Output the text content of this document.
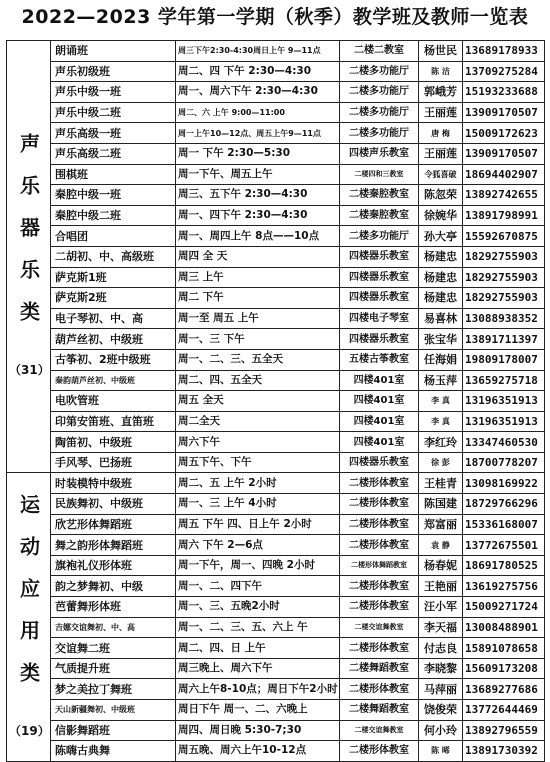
2022—2023 学年第一学期（秋季）教学班及教师一览表
声乐器乐类
（31）	朗诵班	周三下午2:30-4:30周日上午 9—11点	二楼二教室	杨世民	13689178933
	声乐初级班	周二、四 下午 2:30—4:30	二楼多功能厅	陈 洁	13709275284
	声乐中级一班	周一、周六下午 2:30—4:30	二楼多功能厅	郭峨芳	15193233688
	声乐中级二班	周二、六 上午 9:00—11:00	二楼多功能厅	王丽莲	13909170507
	声乐高级一班	周一上午10—12点、周五上午9—11点	二楼多功能厅	唐 梅	15009172623
	声乐高级二班	周一 下午 2:30—5:30	四楼声乐教室	王丽莲	13909170507
	围棋班	周一下午、周五上午	二楼四和三教室	令狐喜破	18694402907
	秦腔中级一班	周三、五下午 2:30—4:30	二楼秦腔教室	陈忽荣	13892742655
	秦腔中级二班	周一、四下午 2:30—4:30	二楼秦腔教室	徐婉华	13891798991
	合唱团	周一、周四上午 8点——10点	二楼多功能厅	孙大亭	15592670875
	二胡初、中、高级班	周四 全 天	四楼器乐教室	杨建忠	18292755903
	萨克斯1班	周三 上午	四楼器乐教室	杨建忠	18292755903
	萨克斯2班	周二 下午	四楼器乐教室	杨建忠	18292755903
	电子琴初、中、高	周一至 周五 上午	四楼电子琴室	易喜林	13088938352
	葫芦丝初、中级班	周一、三 下午	四楼器乐教室	张宝华	13891711397
	古筝初、2班中级班	周一、二、三、五全天	五楼古筝教室	任海娟	19809178007
	秦韵葫芦丝初、中级班	周二、四、五全天	四楼401室	杨玉萍	13659275718
	电吹管班	周五 全天	四楼401室	李 真	13196351913
	印第安笛班、直笛班	周二全天	四楼401室	李 真	13196351913
	陶笛初、中级班	周六下午	四楼401室	李红玲	13347460530
	手风琴、巴扬班	周五下午、下午	四楼器乐教室	徐 彭	18700778207

运动应用类
（19）	时装模特中级班	周二、五 上午 2小时	二楼形体教室	王桂青	13098169922
	民族舞初、中级班	周一、三 上午 4小时	二楼形体教室	陈国建	18729766296
	欣艺形体舞蹈班	周五 下午 四、日上午 2小时	二楼形体教室	郑富丽	15336168007
	舞之韵形体舞蹈班	周六 下午 2—6点	二楼形体教室	袁 静	13772675501
	旗袍礼仪形体班	周一下午，周一、四晚 2小时	二楼形体舞蹈教室	杨春妮	18691780525
	韵之梦舞初、中级	周一、二、四下午	二楼形体教室	王艳丽	13619275756
	芭蕾舞形体班	周一、三、五晚2小时	二楼形体教室	汪小军	15009271724
	吉娜交谊舞初、中、高	周一、二、三、五、六上 午	二楼交谊舞教室	李天福	13008488901
	交谊舞二班	周二、四、日 上午	二楼形体教室	付志良	15891078658
	气质提升班	周三晚上、周六下午	二楼舞蹈教室	李晓黎	15609173208
	梦之美拉丁舞班	周六上午8-10点；周日下午2小时	二楼形体教室	马萍丽	13689277686
	天山新疆舞初、中级班	周日下午 周一、二、六晚上	二楼舞蹈教室	饶俊荣	13772644469
	信影舞蹈班	周四、周日晚 5:30-7;30	二楼交谊舞教室	何小玲	13892796559
	陈嗨古典舞	周五晚、周六上午10-12点	二楼形体教室	陈 晞	13891730392
